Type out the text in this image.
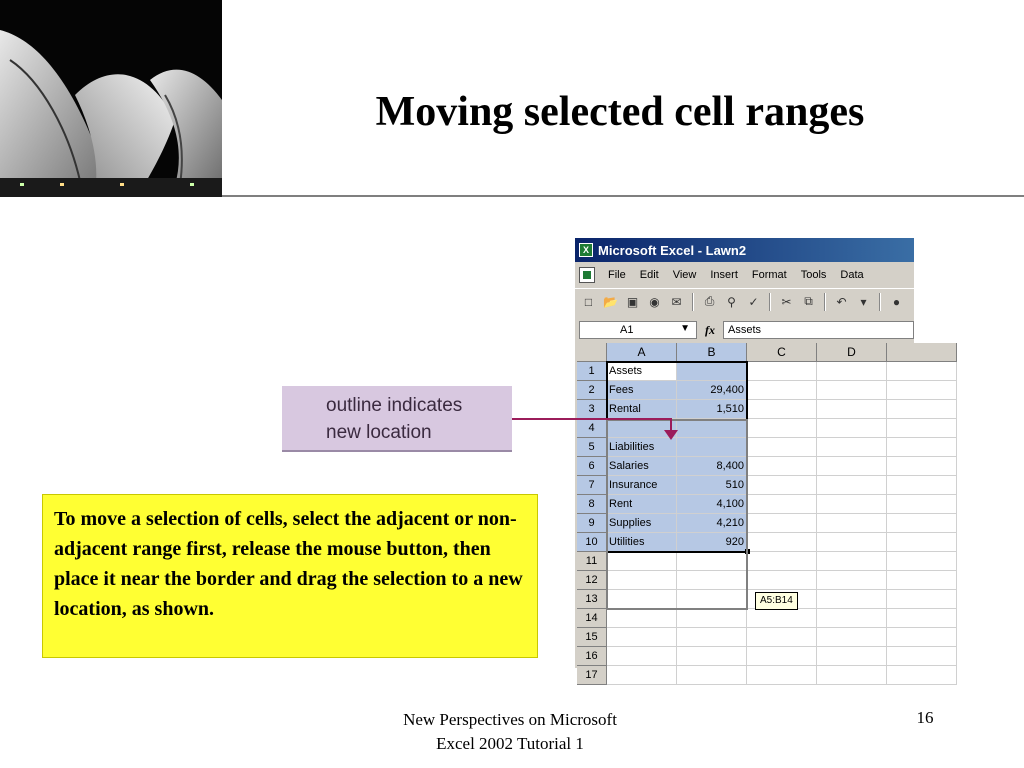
Moving selected cell ranges
X Microsoft Excel - Lawn2
File	Edit	View	Insert	Format	Tools	Data
□ 📂 ▣ ◉ ✉	⎙	⚲	✓	✂	⧉	↶	▾	●
A1	▼	fx	Assets
A	B	C	D
1	Assets
2	Fees	29,400
3	Rental	1,510
4
5	Liabilities
6	Salaries	8,400
7	Insurance	510
8	Rent	4,100
9	Supplies	4,210
10	Utilities	920
11
12
13
14
15
16
17
A5:B14
outline indicates
new location
To move a selection of cells, select the adjacent or non-adjacent range first, release the mouse button, then place it near the border and drag the selection to a new location, as shown.
New Perspectives on Microsoft
Excel 2002 Tutorial 1
16
